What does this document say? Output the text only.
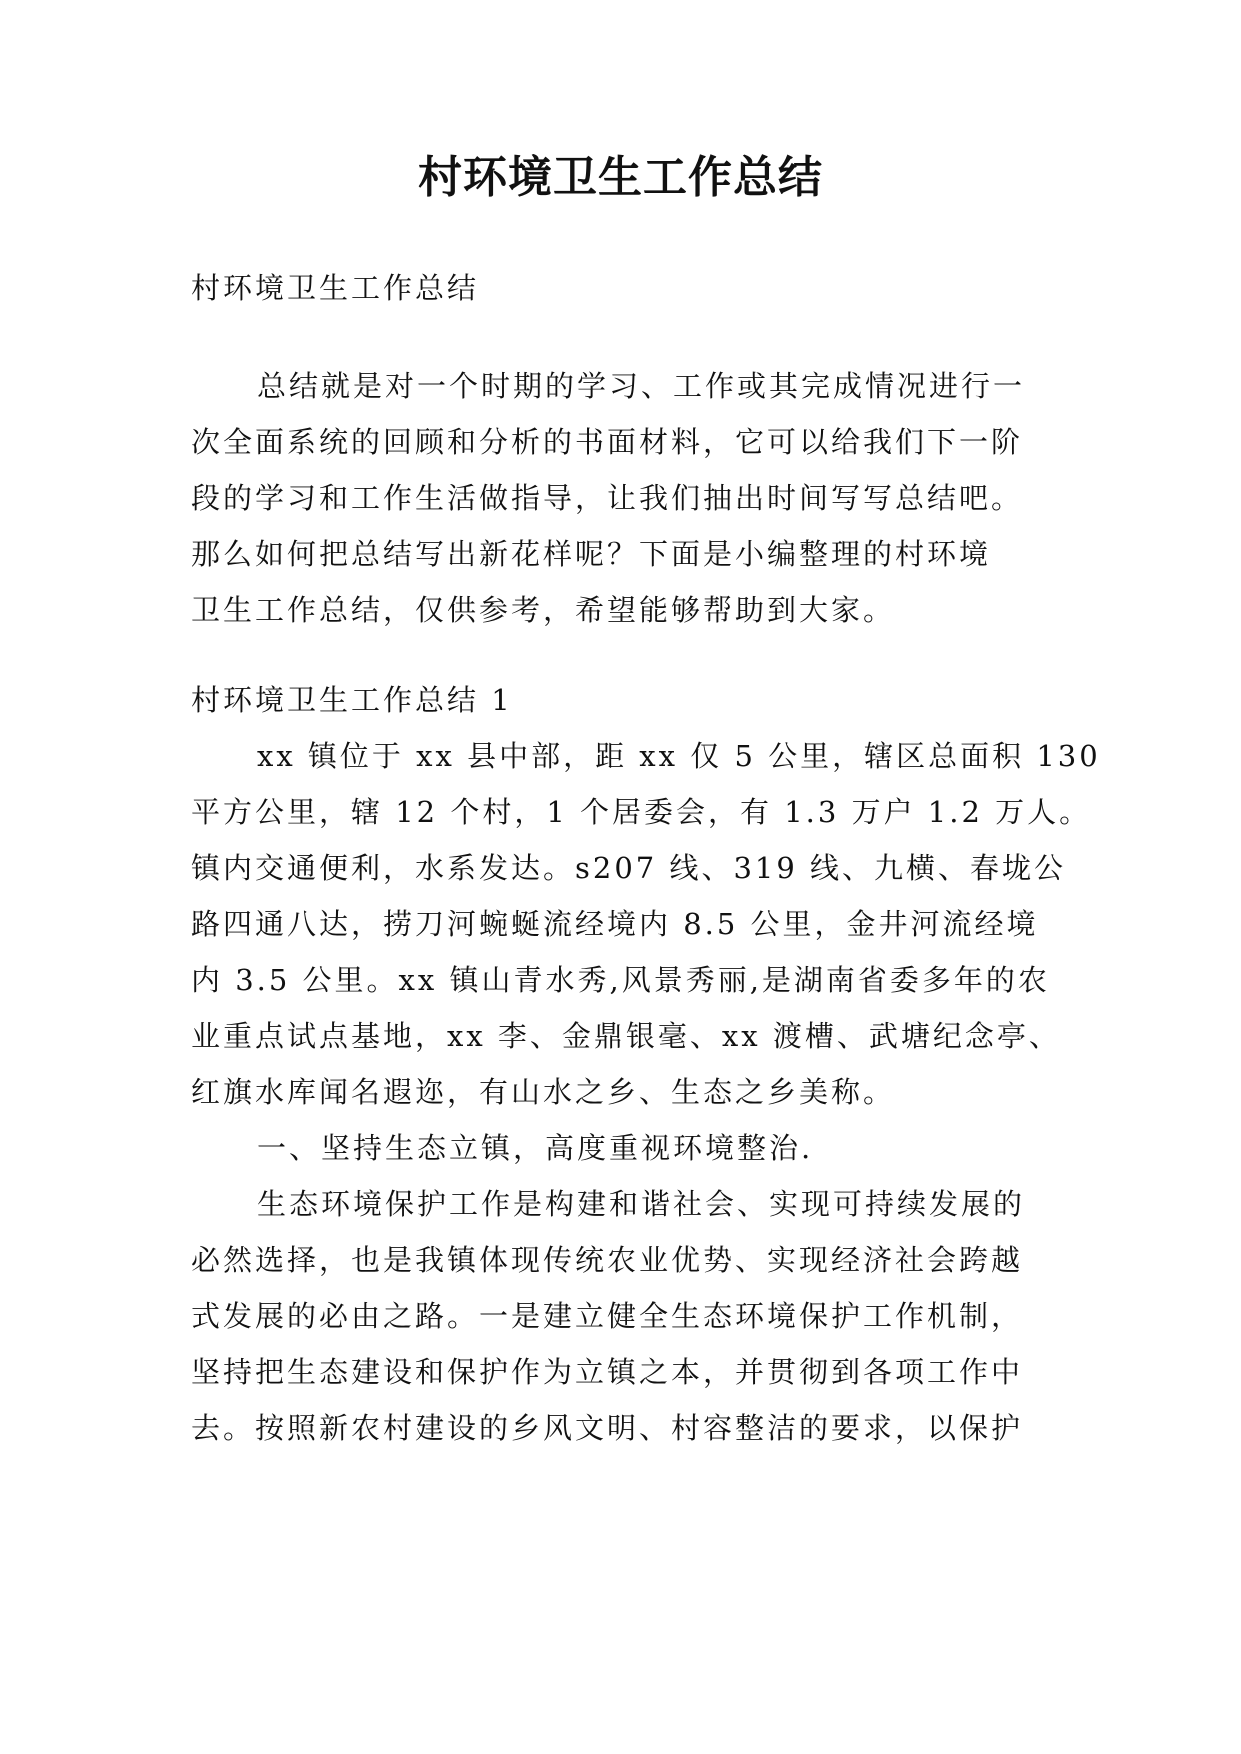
村环境卫生工作总结
村环境卫生工作总结
总结就是对一个时期的学习、工作或其完成情况进行一
次全面系统的回顾和分析的书面材料，它可以给我们下一阶
段的学习和工作生活做指导，让我们抽出时间写写总结吧。
那么如何把总结写出新花样呢？下面是小编整理的村环境
卫生工作总结，仅供参考，希望能够帮助到大家。
村环境卫生工作总结 1
xx 镇位于 xx 县中部，距 xx 仅 5 公里，辖区总面积 130
平方公里，辖 12 个村，1 个居委会，有 1.3 万户 1.2 万人。
镇内交通便利，水系发达。s207 线、319 线、九横、春垅公
路四通八达，捞刀河蜿蜒流经境内 8.5 公里，金井河流经境
内 3.5 公里。xx 镇山青水秀,风景秀丽,是湖南省委多年的农
业重点试点基地，xx 李、金鼎银毫、xx 渡槽、武塘纪念亭、
红旗水库闻名遐迩，有山水之乡、生态之乡美称。
一、坚持生态立镇，高度重视环境整治.
生态环境保护工作是构建和谐社会、实现可持续发展的
必然选择，也是我镇体现传统农业优势、实现经济社会跨越
式发展的必由之路。一是建立健全生态环境保护工作机制，
坚持把生态建设和保护作为立镇之本，并贯彻到各项工作中
去。按照新农村建设的乡风文明、村容整洁的要求，以保护
